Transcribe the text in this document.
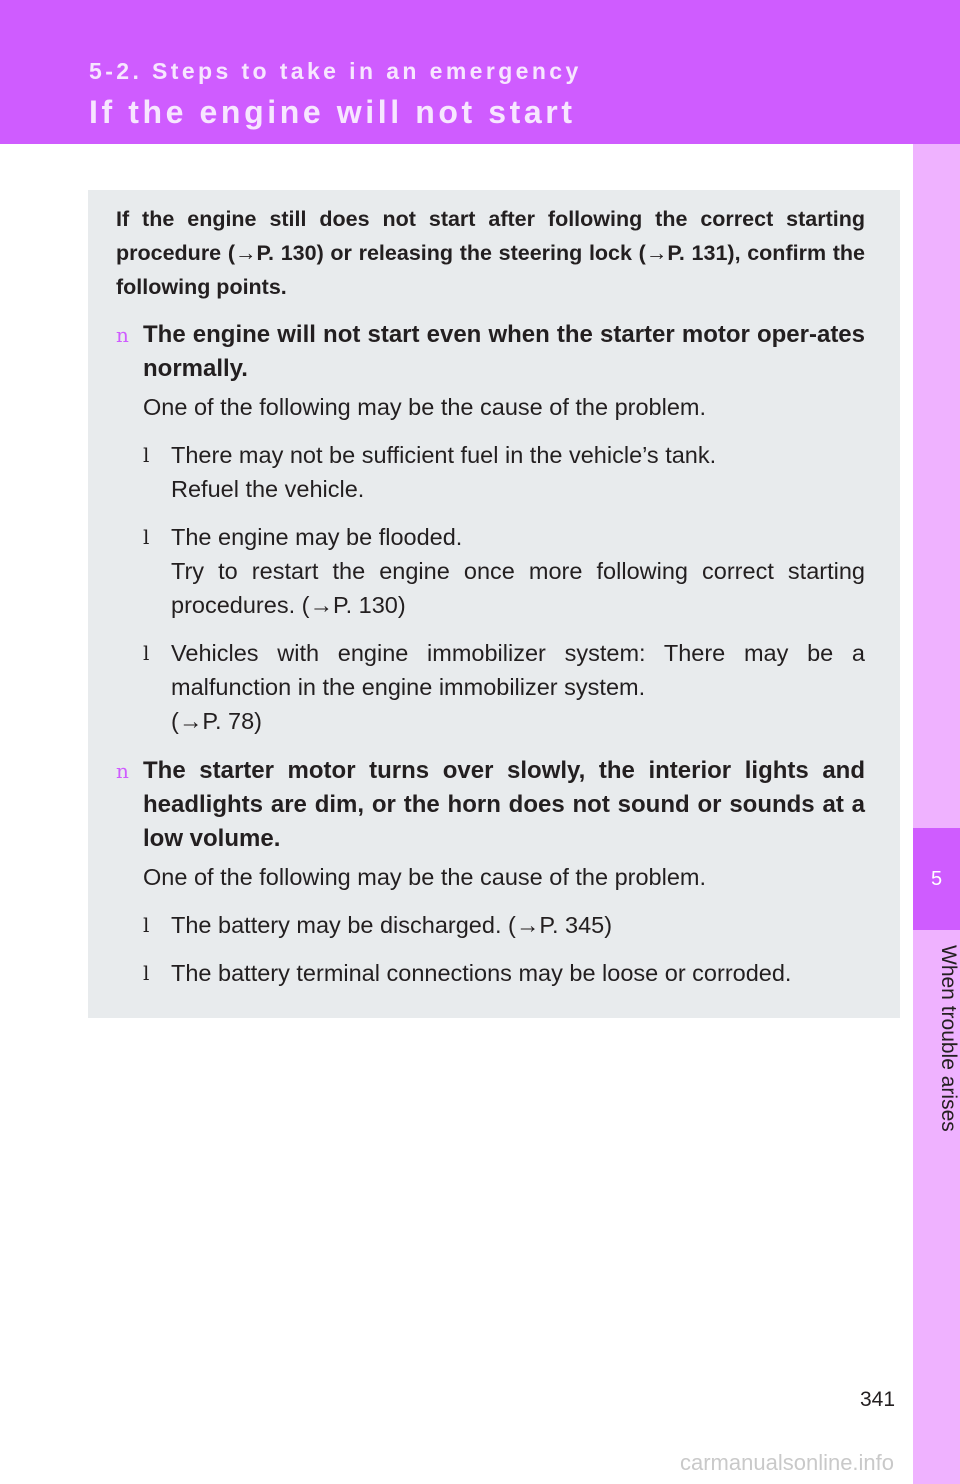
5-2. Steps to take in an emergency
If the engine will not start
5
When trouble arises

If the engine still does not start after following the correct starting procedure (→P. 130) or releasing the steering lock (→P. 131), confirm the following points.

n The engine will not start even when the starter motor oper-ates normally.

One of the following may be the cause of the problem.

l There may not be sufficient fuel in the vehicle’s tank.
Refuel the vehicle.

l The engine may be flooded.
Try to restart the engine once more following correct starting procedures. (→P. 130)

l Vehicles with engine immobilizer system: There may be a malfunction in the engine immobilizer system.
(→P. 78)

n The starter motor turns over slowly, the interior lights and headlights are dim, or the horn does not sound or sounds at a low volume.

One of the following may be the cause of the problem.

l The battery may be discharged. (→P. 345)

l The battery terminal connections may be loose or corroded.

341
carmanualsonline.info
